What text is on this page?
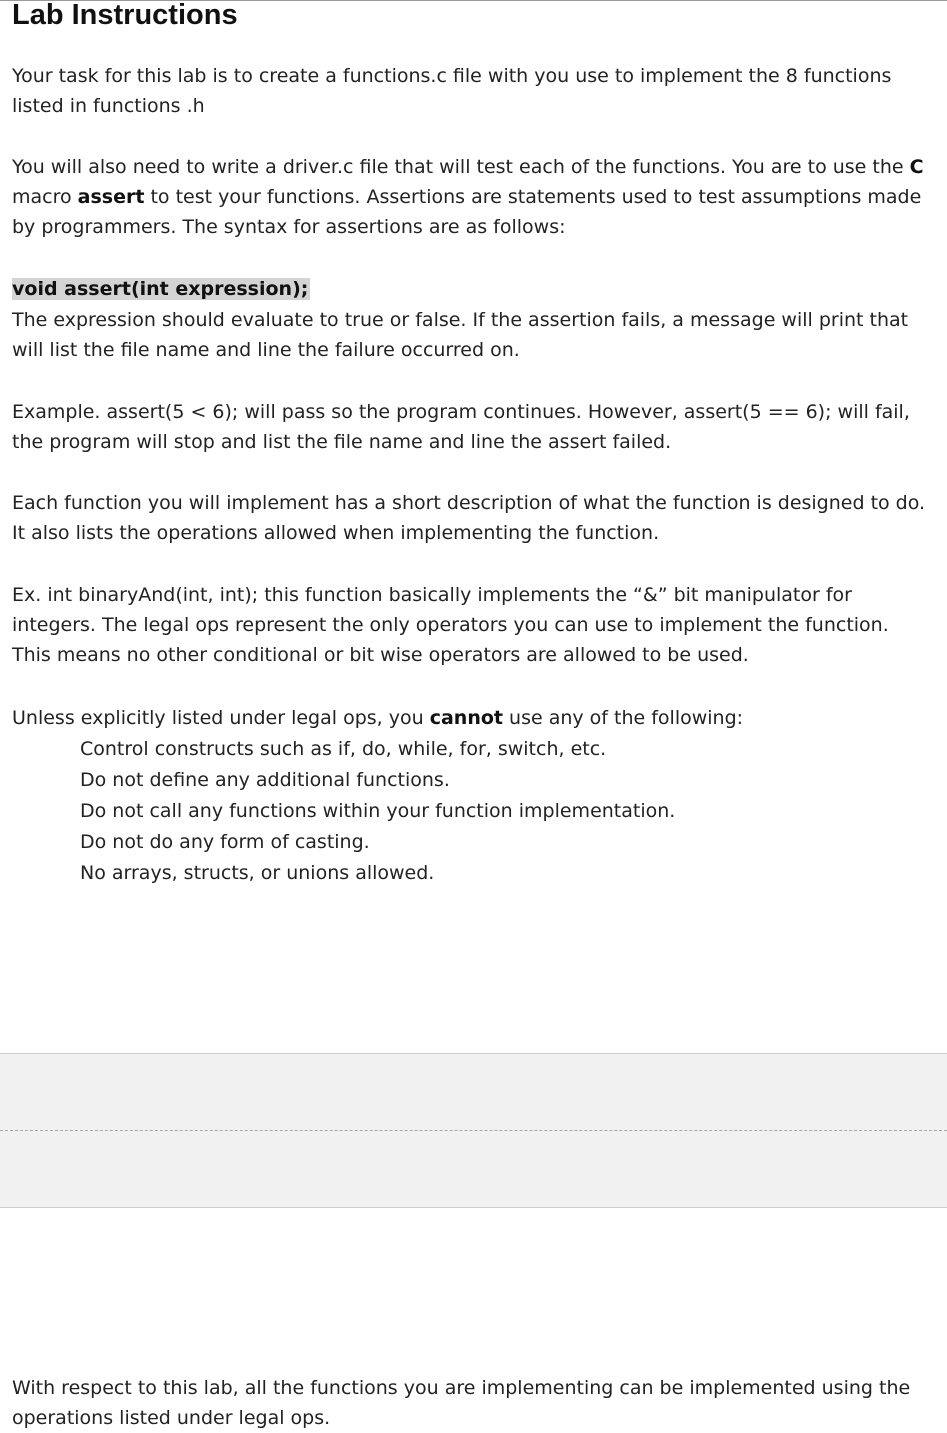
Lab Instructions

Your task for this lab is to create a functions.c file with you use to implement the 8 functions listed in functions .h

You will also need to write a driver.c file that will test each of the functions. You are to use the C macro assert to test your functions. Assertions are statements used to test assumptions made by programmers. The syntax for assertions are as follows:

void assert(int expression);

The expression should evaluate to true or false. If the assertion fails, a message will print that will list the file name and line the failure occurred on.

Example. assert(5 < 6); will pass so the program continues. However, assert(5 == 6); will fail, the program will stop and list the file name and line the assert failed.

Each function you will implement has a short description of what the function is designed to do. It also lists the operations allowed when implementing the function.

Ex. int binaryAnd(int, int); this function basically implements the “&” bit manipulator for integers. The legal ops represent the only operators you can use to implement the function. This means no other conditional or bit wise operators are allowed to be used.

Unless explicitly listed under legal ops, you cannot use any of the following:

Control constructs such as if, do, while, for, switch, etc.
Do not define any additional functions.
Do not call any functions within your function implementation.
Do not do any form of casting.
No arrays, structs, or unions allowed.

With respect to this lab, all the functions you are implementing can be implemented using the operations listed under legal ops.
